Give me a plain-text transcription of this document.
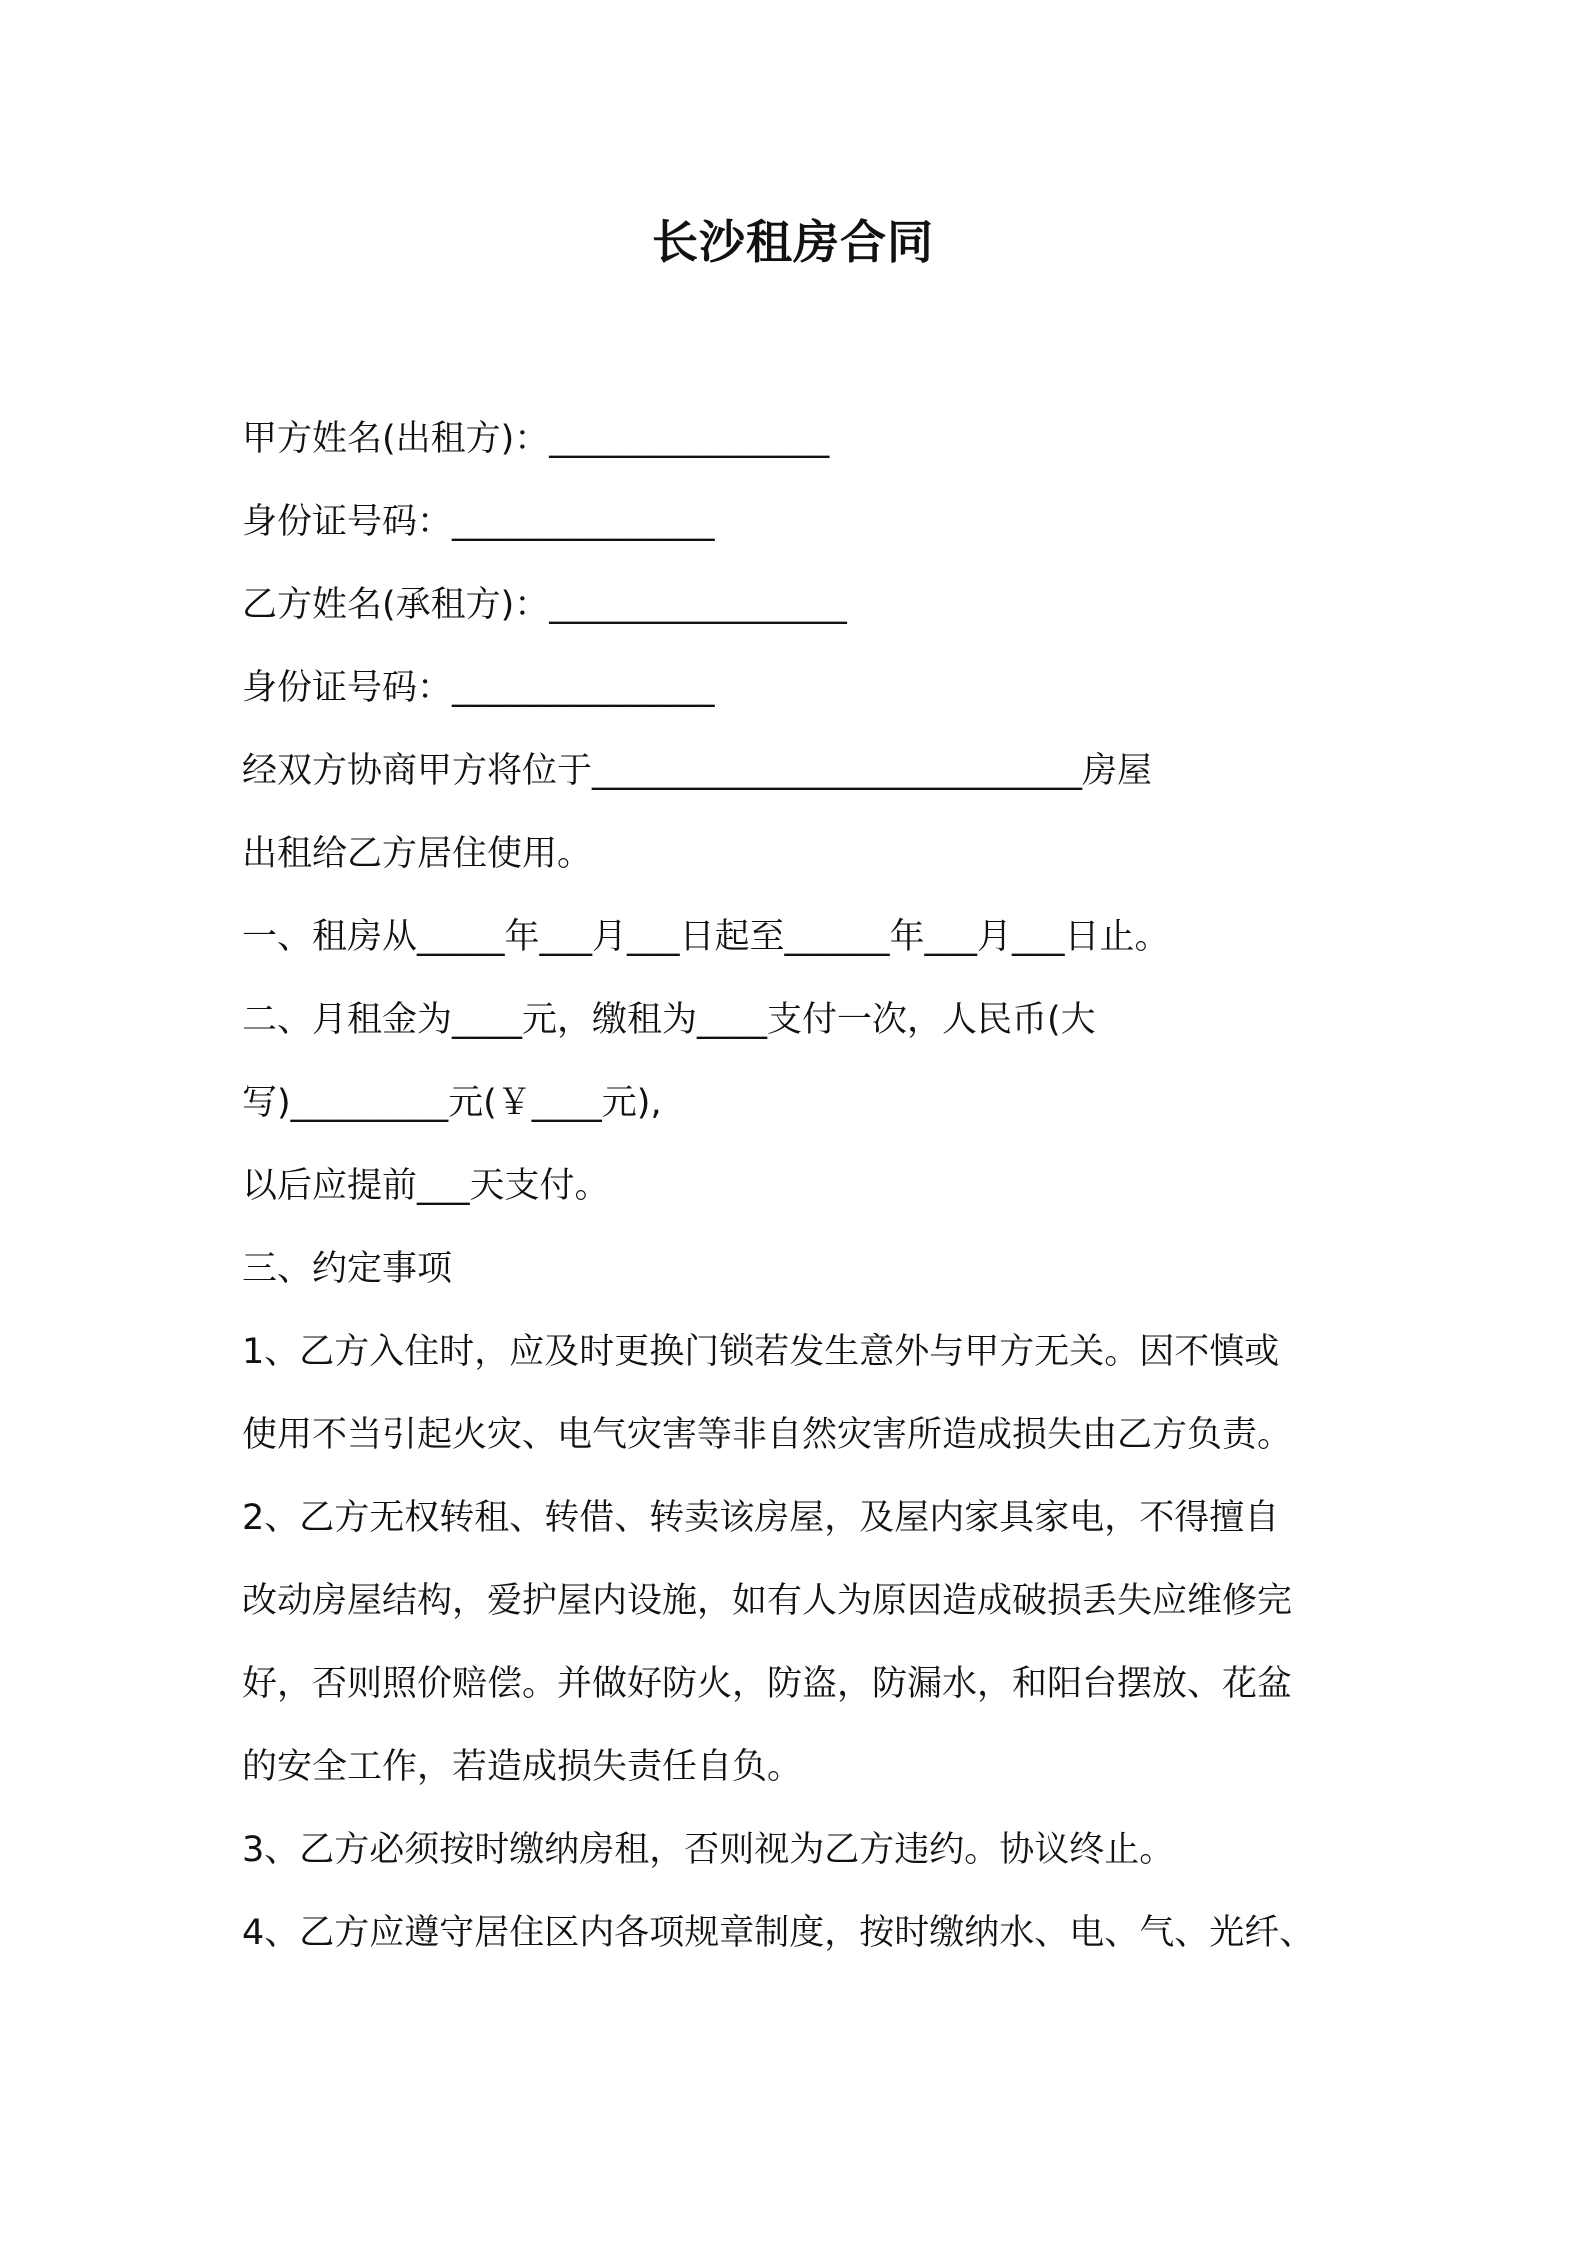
长沙租房合同
甲方姓名(出租方)：________________
身份证号码：_______________
乙方姓名(承租方)：_________________
身份证号码：_______________
经双方协商甲方将位于____________________________房屋
出租给乙方居住使用。
一、租房从_____年___月___日起至______年___月___日止。
二、月租金为____元，缴租为____支付一次，人民币(大
写)_________元(￥____元),
以后应提前___天支付。
三、约定事项
1、乙方入住时，应及时更换门锁若发生意外与甲方无关。因不慎或
使用不当引起火灾、电气灾害等非自然灾害所造成损失由乙方负责。
2、乙方无权转租、转借、转卖该房屋，及屋内家具家电，不得擅自
改动房屋结构，爱护屋内设施，如有人为原因造成破损丢失应维修完
好，否则照价赔偿。并做好防火，防盗，防漏水，和阳台摆放、花盆
的安全工作，若造成损失责任自负。
3、乙方必须按时缴纳房租，否则视为乙方违约。协议终止。
4、乙方应遵守居住区内各项规章制度，按时缴纳水、电、气、光纤、
